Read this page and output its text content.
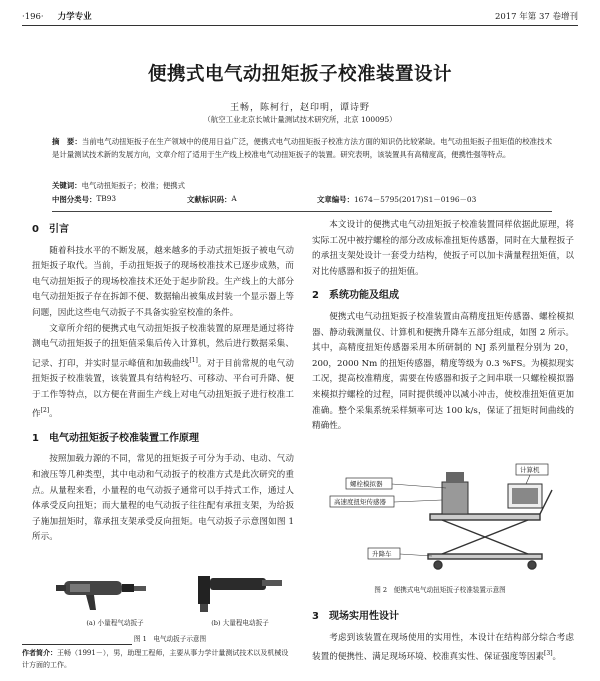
·196· 力学专业	2017 年第 37 卷增刊
便携式电气动扭矩扳子校准装置设计
王畅，陈柯行，赵印明，谭诗野
（航空工业北京长城计量测试技术研究所，北京 100095）
摘　要：当前电气动扭矩扳子在生产领域中的使用日益广泛，便携式电气动扭矩扳子校准方法方面的知识仍比较紧缺。电气动扭矩扳子扭矩值的校准技术是计量测试技术新的发展方向，文章介绍了适用于生产线上校准电气动扭矩扳子的装置。研究表明，该装置具有高精度高，便携性强等特点。
关键词：电气动扭矩扳子；校准；便携式
中图分类号： TB93	文献标识码： A	文章编号： 1674－5795(2017)S1－0196－03
0 引言

随着科技水平的不断发展，越来越多的手动式扭矩扳子被电气动扭矩扳子取代。当前，手动扭矩扳子的现场校准技术已逐步成熟，而电气动扭矩扳子的现场校准技术还处于起步阶段。生产线上的大部分电气动扭矩扳子存在拆卸不便、数据输出被集成封装一个显示器上等问题，因此这些电气动扳子不具备实验室校准的条件。

文章所介绍的便携式电气动扭矩扳子校准装置的原理是通过将待测电气动扭矩扳子的扭矩值采集后传入计算机，然后进行数据采集、记录、打印，并实时显示峰值和加载曲线[1]。对于目前常规的电气动扭矩扳子校准装置，该装置具有结构轻巧、可移动、平台可升降、便于工作等特点，以方便在背面生产线上对电气动扭矩扳子进行校准工作[2]。

1 电气动扭矩扳子校准装置工作原理

按照加载力源的不同，常见的扭矩扳子可分为手动、电动、气动和液压等几种类型，其中电动和气动扳子的校准方式是此次研究的重点。从量程来看，小量程的电气动扳子通常可以手持式工作，通过人体承受反向扭矩；而大量程的电气动扳子往往配有承扭支架，为给扳子施加扭矩时，靠承扭支架承受反向扭矩。电气动扳子示意图如图 1 所示。

(a) 小量程气动扳子	(b) 大量程电动扳子
图 1　电气动扳子示意图
作者简介：王畅（1991－），男，助理工程师，主要从事力学计量测试技术以及机械设计方面的工作。

本文设计的便携式电气动扭矩扳子校准装置同样依据此原理，将实际工况中被拧螺栓的部分改成标准扭矩传感器，同时在大量程扳子的承扭支架处设计一套受力结构，使扳子可以加卡满量程扭矩值，以对比传感器和扳子的扭矩值。

2 系统功能及组成

便携式电气动扭矩扳子校准装置由高精度扭矩传感器、螺栓模拟器、静动载测量仪、计算机和便携升降车五部分组成，如图 2 所示。其中，高精度扭矩传感器采用本所研制的 NJ 系列量程分别为 20，200，2000 Nm 的扭矩传感器，精度等级为 0.3 %FS。为模拟现实工况，提高校准精度，需要在传感器和扳子之间串联一只螺栓模拟器来模拟拧螺栓的过程，同时提供缓冲以减小冲击，使校准扭矩值更加准确。整个采集系统采样频率可达 100 k/s，保证了扭矩时间曲线的精确性。

螺栓模拟器
高速度扭矩传感器
计算机
升降车
图 2　便携式电气动扭矩扳子校准装置示意图
3 现场实用性设计

考虑到该装置在现场使用的实用性，本设计在结构部分综合考虑装置的便携性、满足现场环境、校准真实性、保证强度等因素[3]。
